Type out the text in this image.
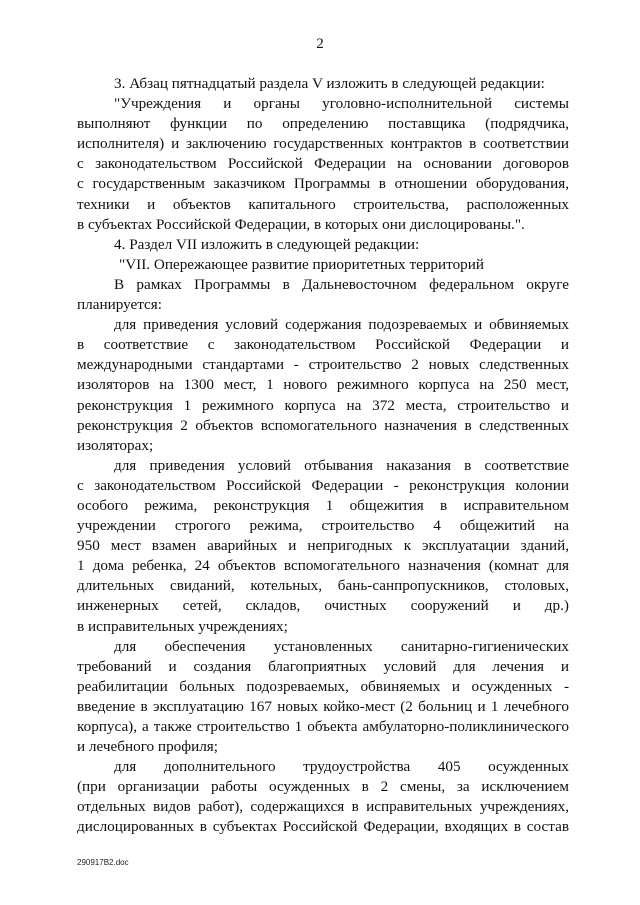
2

3. Абзац пятнадцатый раздела V изложить в следующей редакции:

"Учреждения и органы уголовно-исполнительной системы

выполняют функции по определению поставщика (подрядчика,

исполнителя) и заключению государственных контрактов в соответствии

с законодательством Российской Федерации на основании договоров

с государственным заказчиком Программы в отношении оборудования,

техники и объектов капитального строительства, расположенных

в субъектах Российской Федерации, в которых они дислоцированы.".

4. Раздел VII изложить в следующей редакции:

"VII. Опережающее развитие приоритетных территорий

В рамках Программы в Дальневосточном федеральном округе

планируется:

для приведения условий содержания подозреваемых и обвиняемых

в соответствие с законодательством Российской Федерации и

международными стандартами - строительство 2 новых следственных

изоляторов на 1300 мест, 1 нового режимного корпуса на 250 мест,

реконструкция 1 режимного корпуса на 372 места, строительство и

реконструкция 2 объектов вспомогательного назначения в следственных

изоляторах;

для приведения условий отбывания наказания в соответствие

с законодательством Российской Федерации - реконструкция колонии

особого режима, реконструкция 1 общежития в исправительном

учреждении строгого режима, строительство 4 общежитий на

950 мест взамен аварийных и непригодных к эксплуатации зданий,

1 дома ребенка, 24 объектов вспомогательного назначения (комнат для

длительных свиданий, котельных, бань-санпропускников, столовых,

инженерных сетей, складов, очистных сооружений и др.)

в исправительных учреждениях;

для обеспечения установленных санитарно-гигиенических

требований и создания благоприятных условий для лечения и

реабилитации больных подозреваемых, обвиняемых и осужденных -

введение в эксплуатацию 167 новых койко-мест (2 больниц и 1 лечебного

корпуса), а также строительство 1 объекта амбулаторно-поликлинического

и лечебного профиля;

для дополнительного трудоустройства 405 осужденных

(при организации работы осужденных в 2 смены, за исключением

отдельных видов работ), содержащихся в исправительных учреждениях,

дислоцированных в субъектах Российской Федерации, входящих в состав

290917B2.doc
